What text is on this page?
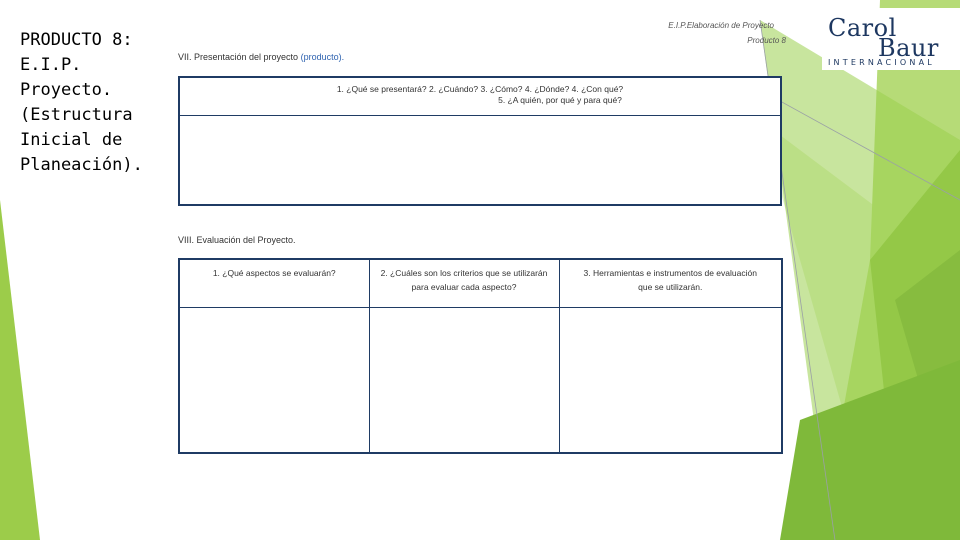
PRODUCTO 8:
E.I.P.
Proyecto.
(Estructura
Inicial de
Planeación).
E.I.P.Elaboración de Proyecto
Producto 8 Carol
Baur
INTERNACIONAL
VII. Presentación del proyecto (producto).
1. ¿Qué se presentará? 2. ¿Cuándo? 3. ¿Cómo? 4. ¿Dónde? 4. ¿Con qué?
5. ¿A quién, por qué y para qué?
VIII. Evaluación del Proyecto.
1. ¿Qué aspectos se evaluarán?	2. ¿Cuáles son los criterios que se utilizarán para evaluar cada aspecto?	3. Herramientas e instrumentos de evaluación que se utilizarán.
